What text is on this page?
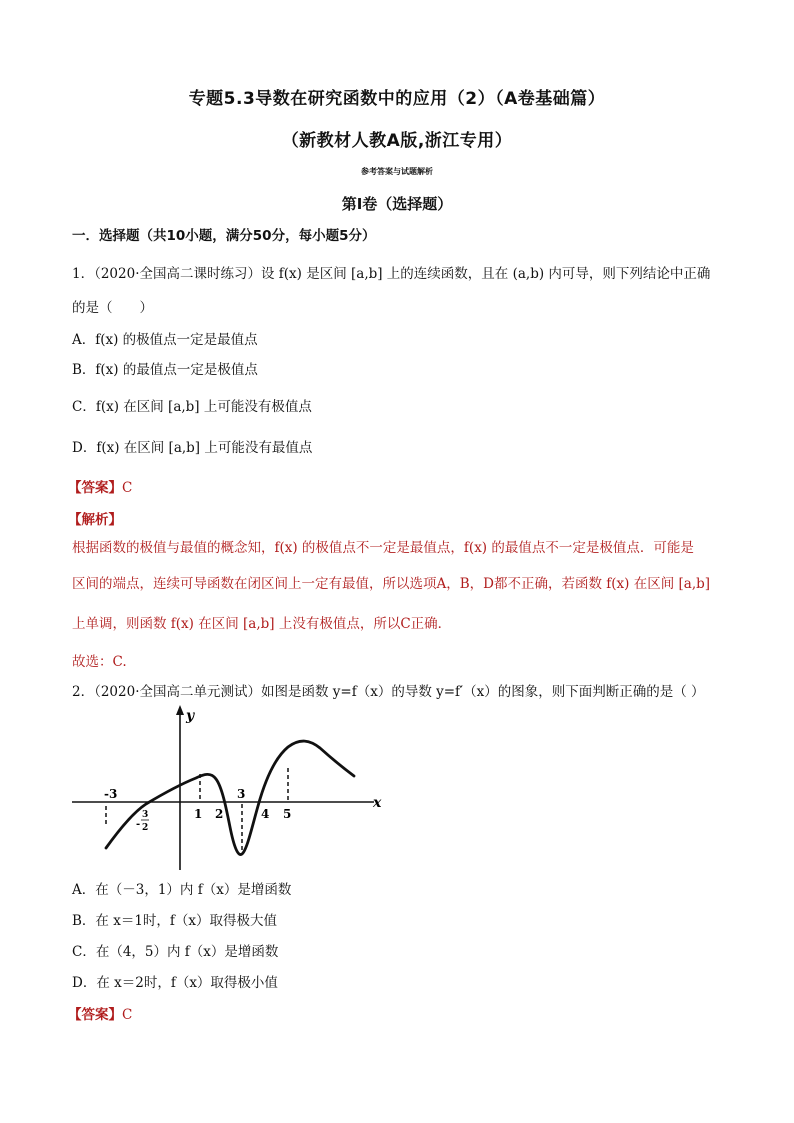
专题5.3导数在研究函数中的应用（2）（A卷基础篇）
（新教材人教A版,浙江专用）
参考答案与试题解析
第Ⅰ卷（选择题）
一．选择题（共10小题，满分50分，每小题5分）
1．（2020·全国高二课时练习）设 f(x) 是区间 [a,b] 上的连续函数，且在 (a,b) 内可导，则下列结论中正确
的是（　　）
A．f(x) 的极值点一定是最值点
B．f(x) 的最值点一定是极值点
C．f(x) 在区间 [a,b] 上可能没有极值点
D．f(x) 在区间 [a,b] 上可能没有最值点
【答案】C
【解析】
根据函数的极值与最值的概念知，f(x) 的极值点不一定是最值点，f(x) 的最值点不一定是极值点．可能是
区间的端点，连续可导函数在闭区间上一定有最值，所以选项A，B，D都不正确，若函数 f(x) 在区间 [a,b]
上单调，则函数 f(x) 在区间 [a,b] 上没有极值点，所以C正确．
故选：C.
2．（2020·全国高二单元测试）如图是函数 y=f（x）的导数 y=f′（x）的图象，则下面判断正确的是（ ）
y
x
-3
-
3
2
1 2
3
4 5
A．在（－3，1）内 f（x）是增函数
B．在 x＝1时，f（x）取得极大值
C．在（4，5）内 f（x）是增函数
D．在 x＝2时，f（x）取得极小值
【答案】C
